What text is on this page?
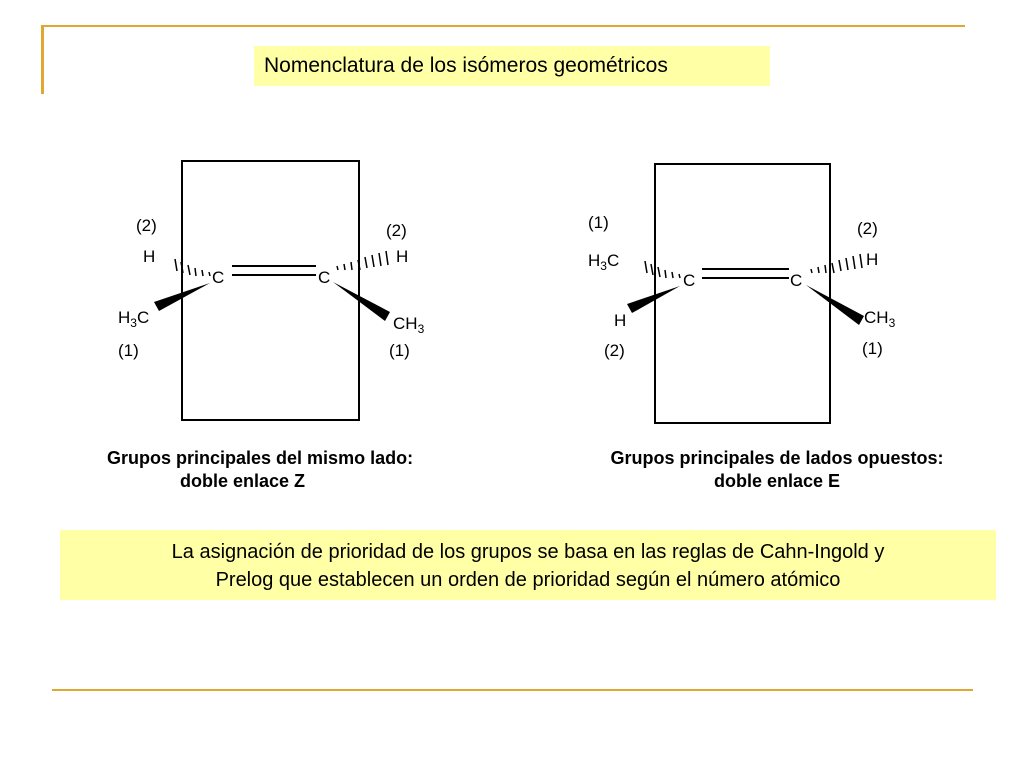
Nomenclatura de los isómeros geométricos
C	C
(2)
H
(2)
H
$H_3C$
(1)
$CH_3$
(1)
C	C
(1)
$H_3C$
(2)
H
H
(2)
$CH_3$
(1)
Grupos principales del mismo lado:
doble enlace Z
Grupos principales de lados opuestos:
doble enlace E
La asignación de prioridad de los grupos se basa en las reglas de Cahn-Ingold y
Prelog que establecen un orden de prioridad según el número atómico
